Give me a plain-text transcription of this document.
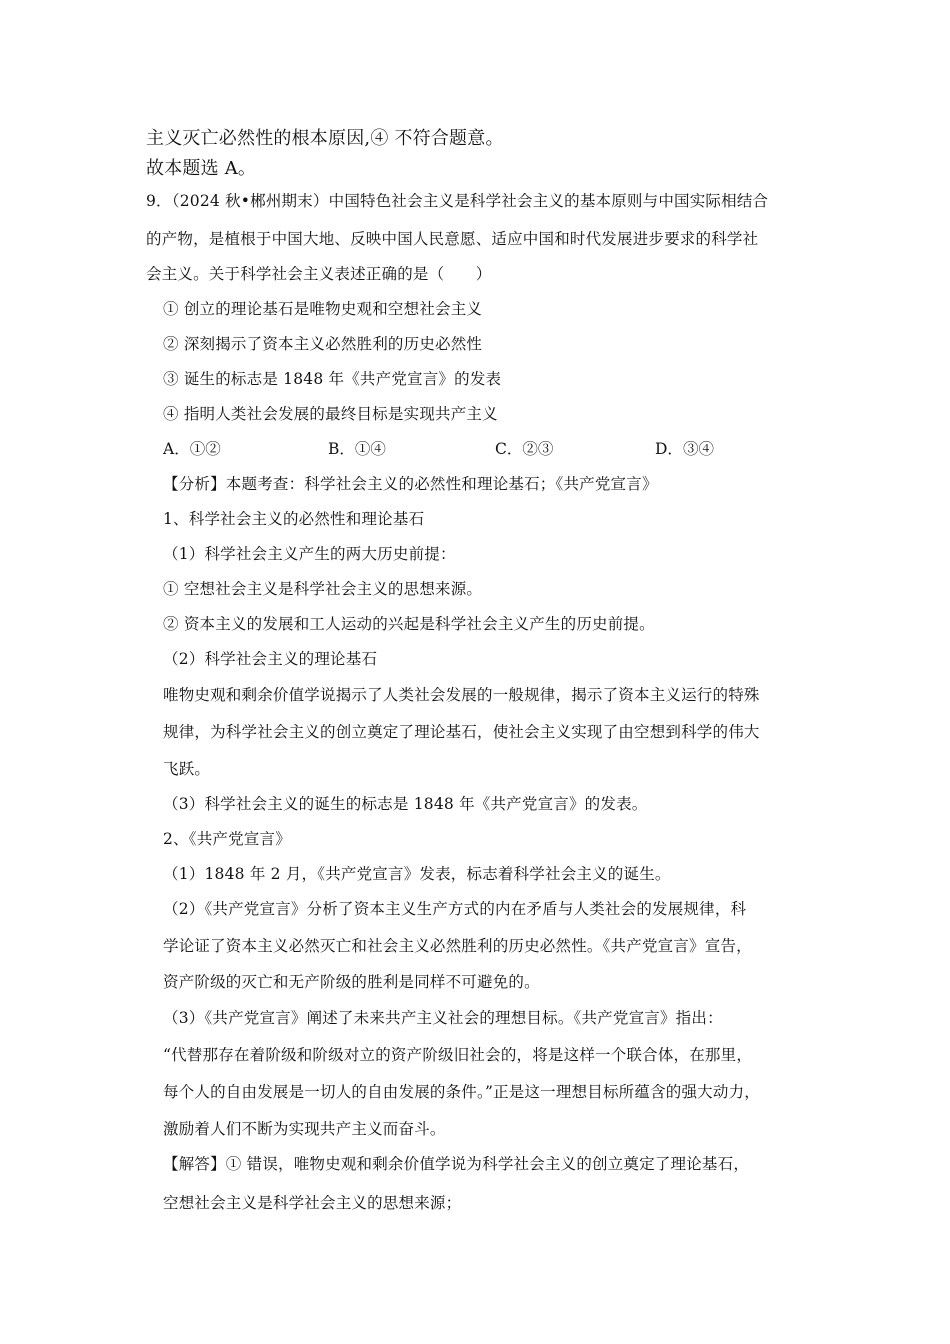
主义灭亡必然性的根本原因,④ 不符合题意。
故本题选 A。
9．（2024 秋•郴州期末）中国特色社会主义是科学社会主义的基本原则与中国实际相结合
的产物，是植根于中国大地、反映中国人民意愿、适应中国和时代发展进步要求的科学社
会主义。关于科学社会主义表述正确的是（　　）
① 创立的理论基石是唯物史观和空想社会主义
② 深刻揭示了资本主义必然胜利的历史必然性
③ 诞生的标志是 1848 年《共产党宣言》的发表
④ 指明人类社会发展的最终目标是实现共产主义
A．①②	B．①④	C．②③	D．③④
【分析】本题考查：科学社会主义的必然性和理论基石；《共产党宣言》
1、科学社会主义的必然性和理论基石
（1）科学社会主义产生的两大历史前提：
① 空想社会主义是科学社会主义的思想来源。
② 资本主义的发展和工人运动的兴起是科学社会主义产生的历史前提。
（2）科学社会主义的理论基石
唯物史观和剩余价值学说揭示了人类社会发展的一般规律，揭示了资本主义运行的特殊
规律，为科学社会主义的创立奠定了理论基石，使社会主义实现了由空想到科学的伟大
飞跃。
（3）科学社会主义的诞生的标志是 1848 年《共产党宣言》的发表。
2、《共产党宣言》
（1）1848 年 2 月，《共产党宣言》发表，标志着科学社会主义的诞生。
（2）《共产党宣言》分析了资本主义生产方式的内在矛盾与人类社会的发展规律，科
学论证了资本主义必然灭亡和社会主义必然胜利的历史必然性。《共产党宣言》宣告，
资产阶级的灭亡和无产阶级的胜利是同样不可避免的。
（3）《共产党宣言》阐述了未来共产主义社会的理想目标。《共产党宣言》指出：
“代替那存在着阶级和阶级对立的资产阶级旧社会的，将是这样一个联合体，在那里，
每个人的自由发展是一切人的自由发展的条件。”正是这一理想目标所蕴含的强大动力，
激励着人们不断为实现共产主义而奋斗。
【解答】① 错误，唯物史观和剩余价值学说为科学社会主义的创立奠定了理论基石，
空想社会主义是科学社会主义的思想来源；
